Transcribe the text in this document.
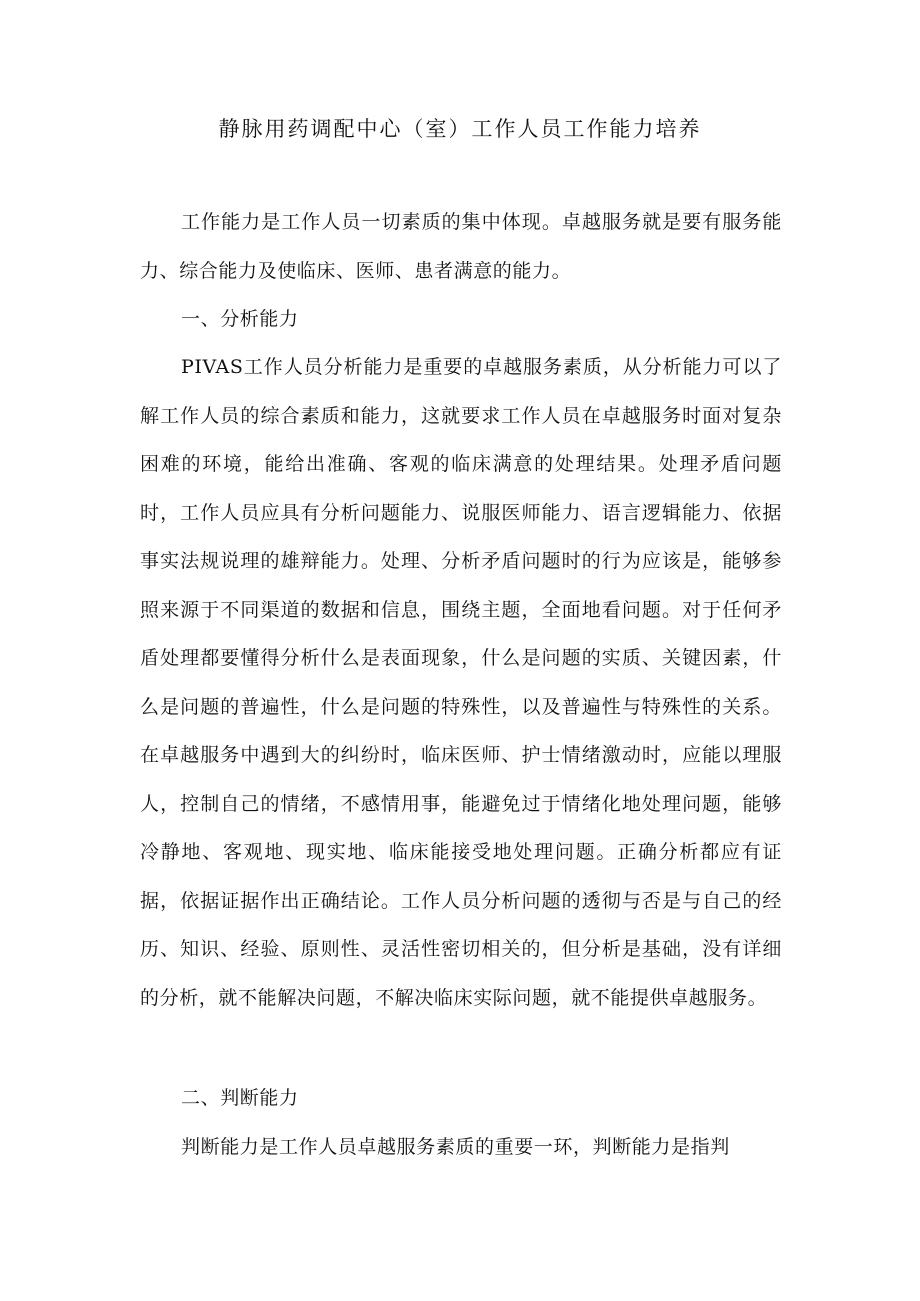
静脉用药调配中心（室）工作人员工作能力培养

工作能力是工作人员一切素质的集中体现。卓越服务就是要有服务能力、综合能力及使临床、医师、患者满意的能力。

一、分析能力

PIVAS工作人员分析能力是重要的卓越服务素质，从分析能力可以了解工作人员的综合素质和能力，这就要求工作人员在卓越服务时面对复杂困难的环境，能给出准确、客观的临床满意的处理结果。处理矛盾问题时，工作人员应具有分析问题能力、说服医师能力、语言逻辑能力、依据事实法规说理的雄辩能力。处理、分析矛盾问题时的行为应该是，能够参照来源于不同渠道的数据和信息，围绕主题，全面地看问题。对于任何矛盾处理都要懂得分析什么是表面现象，什么是问题的实质、关键因素，什么是问题的普遍性，什么是问题的特殊性，以及普遍性与特殊性的关系。在卓越服务中遇到大的纠纷时，临床医师、护士情绪激动时，应能以理服人，控制自己的情绪，不感情用事，能避免过于情绪化地处理问题，能够冷静地、客观地、现实地、临床能接受地处理问题。正确分析都应有证据，依据证据作出正确结论。工作人员分析问题的透彻与否是与自己的经历、知识、经验、原则性、灵活性密切相关的，但分析是基础，没有详细的分析，就不能解决问题，不解决临床实际问题，就不能提供卓越服务。

二、判断能力

判断能力是工作人员卓越服务素质的重要一环，判断能力是指判
